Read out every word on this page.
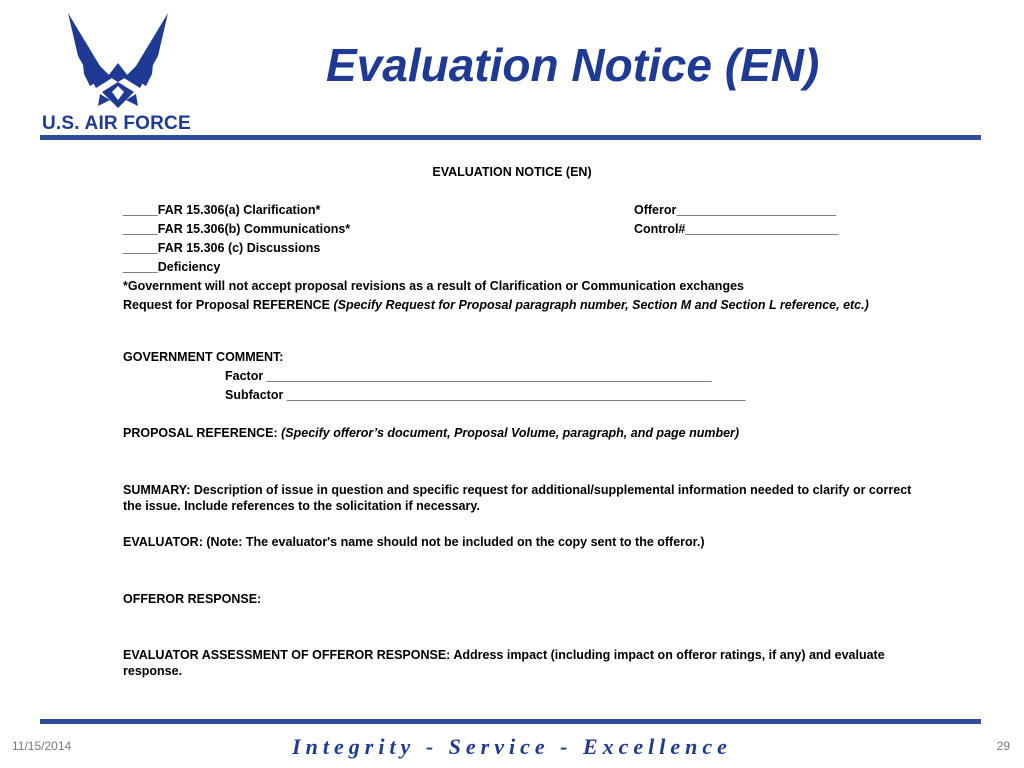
U.S. AIR FORCE
Evaluation Notice (EN)
EVALUATION NOTICE (EN)
_____FAR 15.306(a) Clarification*
_____FAR 15.306(b) Communications*
_____FAR 15.306 (c) Discussions
_____Deficiency
Offeror_______________________
Control#______________________
*Government will not accept proposal revisions as a result of Clarification or Communication exchanges
Request for Proposal REFERENCE (Specify Request for Proposal paragraph number, Section M and Section L reference, etc.)
GOVERNMENT COMMENT:
Factor ________________________________________________________________
Subfactor __________________________________________________________________
PROPOSAL REFERENCE: (Specify offeror’s document, Proposal Volume, paragraph, and page number)
SUMMARY: Description of issue in question and specific request for additional/supplemental information needed to clarify or correct the issue. Include references to the solicitation if necessary.
EVALUATOR: (Note: The evaluator's name should not be included on the copy sent to the offeror.)
OFFEROR RESPONSE:
EVALUATOR ASSESSMENT OF OFFEROR RESPONSE: Address impact (including impact on offeror ratings, if any) and evaluate response.
11/15/2014	Integrity - Service - Excellence	29
